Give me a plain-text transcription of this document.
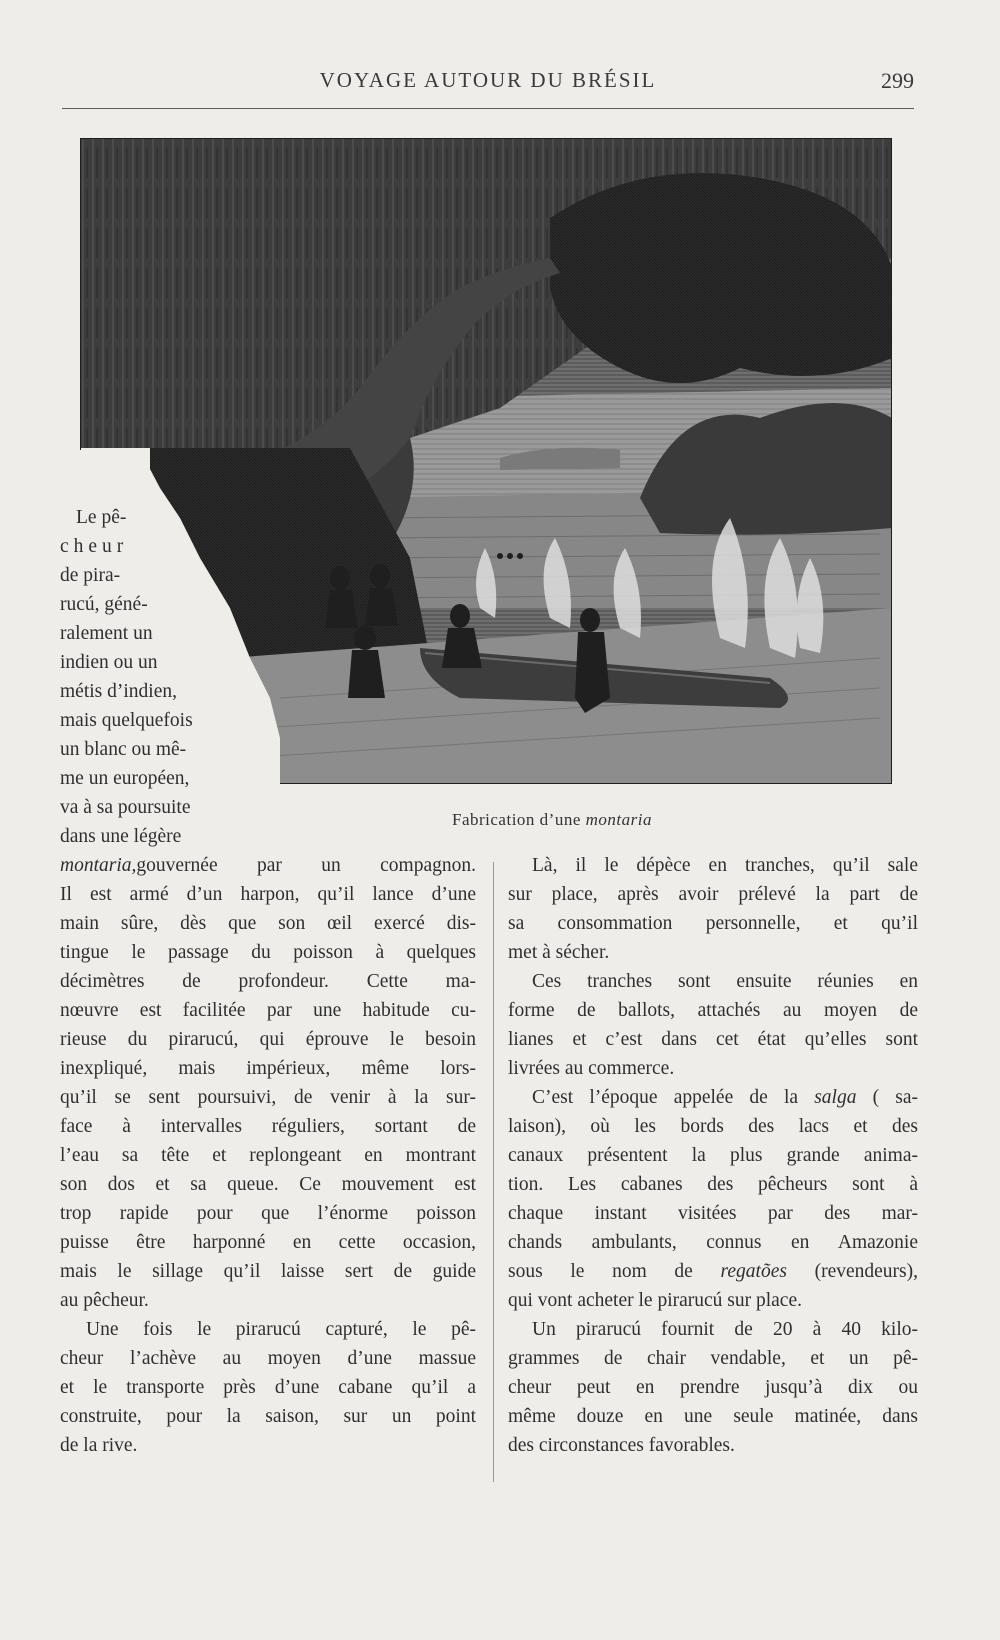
VOYAGE AUTOUR DU BRÉSIL	299
Fabrication d’une montaria
Le pê-
cheur
de pira-
rucú, géné-
ralement un
indien ou un
métis d’indien,
mais quelquefois
un blanc ou mê-
me un européen,
va à sa poursuite
dans une légère
montaria,gouvernée par un compagnon.
Il est armé d’un harpon, qu’il lance d’une
main sûre, dès que son œil exercé dis-
tingue le passage du poisson à quelques
décimètres de profondeur. Cette ma-
nœuvre est facilitée par une habitude cu-
rieuse du pirarucú, qui éprouve le besoin
inexpliqué, mais impérieux, même lors-
qu’il se sent poursuivi, de venir à la sur-
face à intervalles réguliers, sortant de
l’eau sa tête et replongeant en montrant
son dos et sa queue. Ce mouvement est
trop rapide pour que l’énorme poisson
puisse être harponné en cette occasion,
mais le sillage qu’il laisse sert de guide
au pêcheur.
Une fois le pirarucú capturé, le pê-
cheur l’achève au moyen d’une massue
et le transporte près d’une cabane qu’il a
construite, pour la saison, sur un point
de la rive.
Là, il le dépèce en tranches, qu’il sale
sur place, après avoir prélevé la part de
sa consommation personnelle, et qu’il
met à sécher.
Ces tranches sont ensuite réunies en
forme de ballots, attachés au moyen de
lianes et c’est dans cet état qu’elles sont
livrées au commerce.
C’est l’époque appelée de la salga ( sa-
laison), où les bords des lacs et des
canaux présentent la plus grande anima-
tion. Les cabanes des pêcheurs sont à
chaque instant visitées par des mar-
chands ambulants, connus en Amazonie
sous le nom de regatões (revendeurs),
qui vont acheter le pirarucú sur place.
Un pirarucú fournit de 20 à 40 kilo-
grammes de chair vendable, et un pê-
cheur peut en prendre jusqu’à dix ou
même douze en une seule matinée, dans
des circonstances favorables.
